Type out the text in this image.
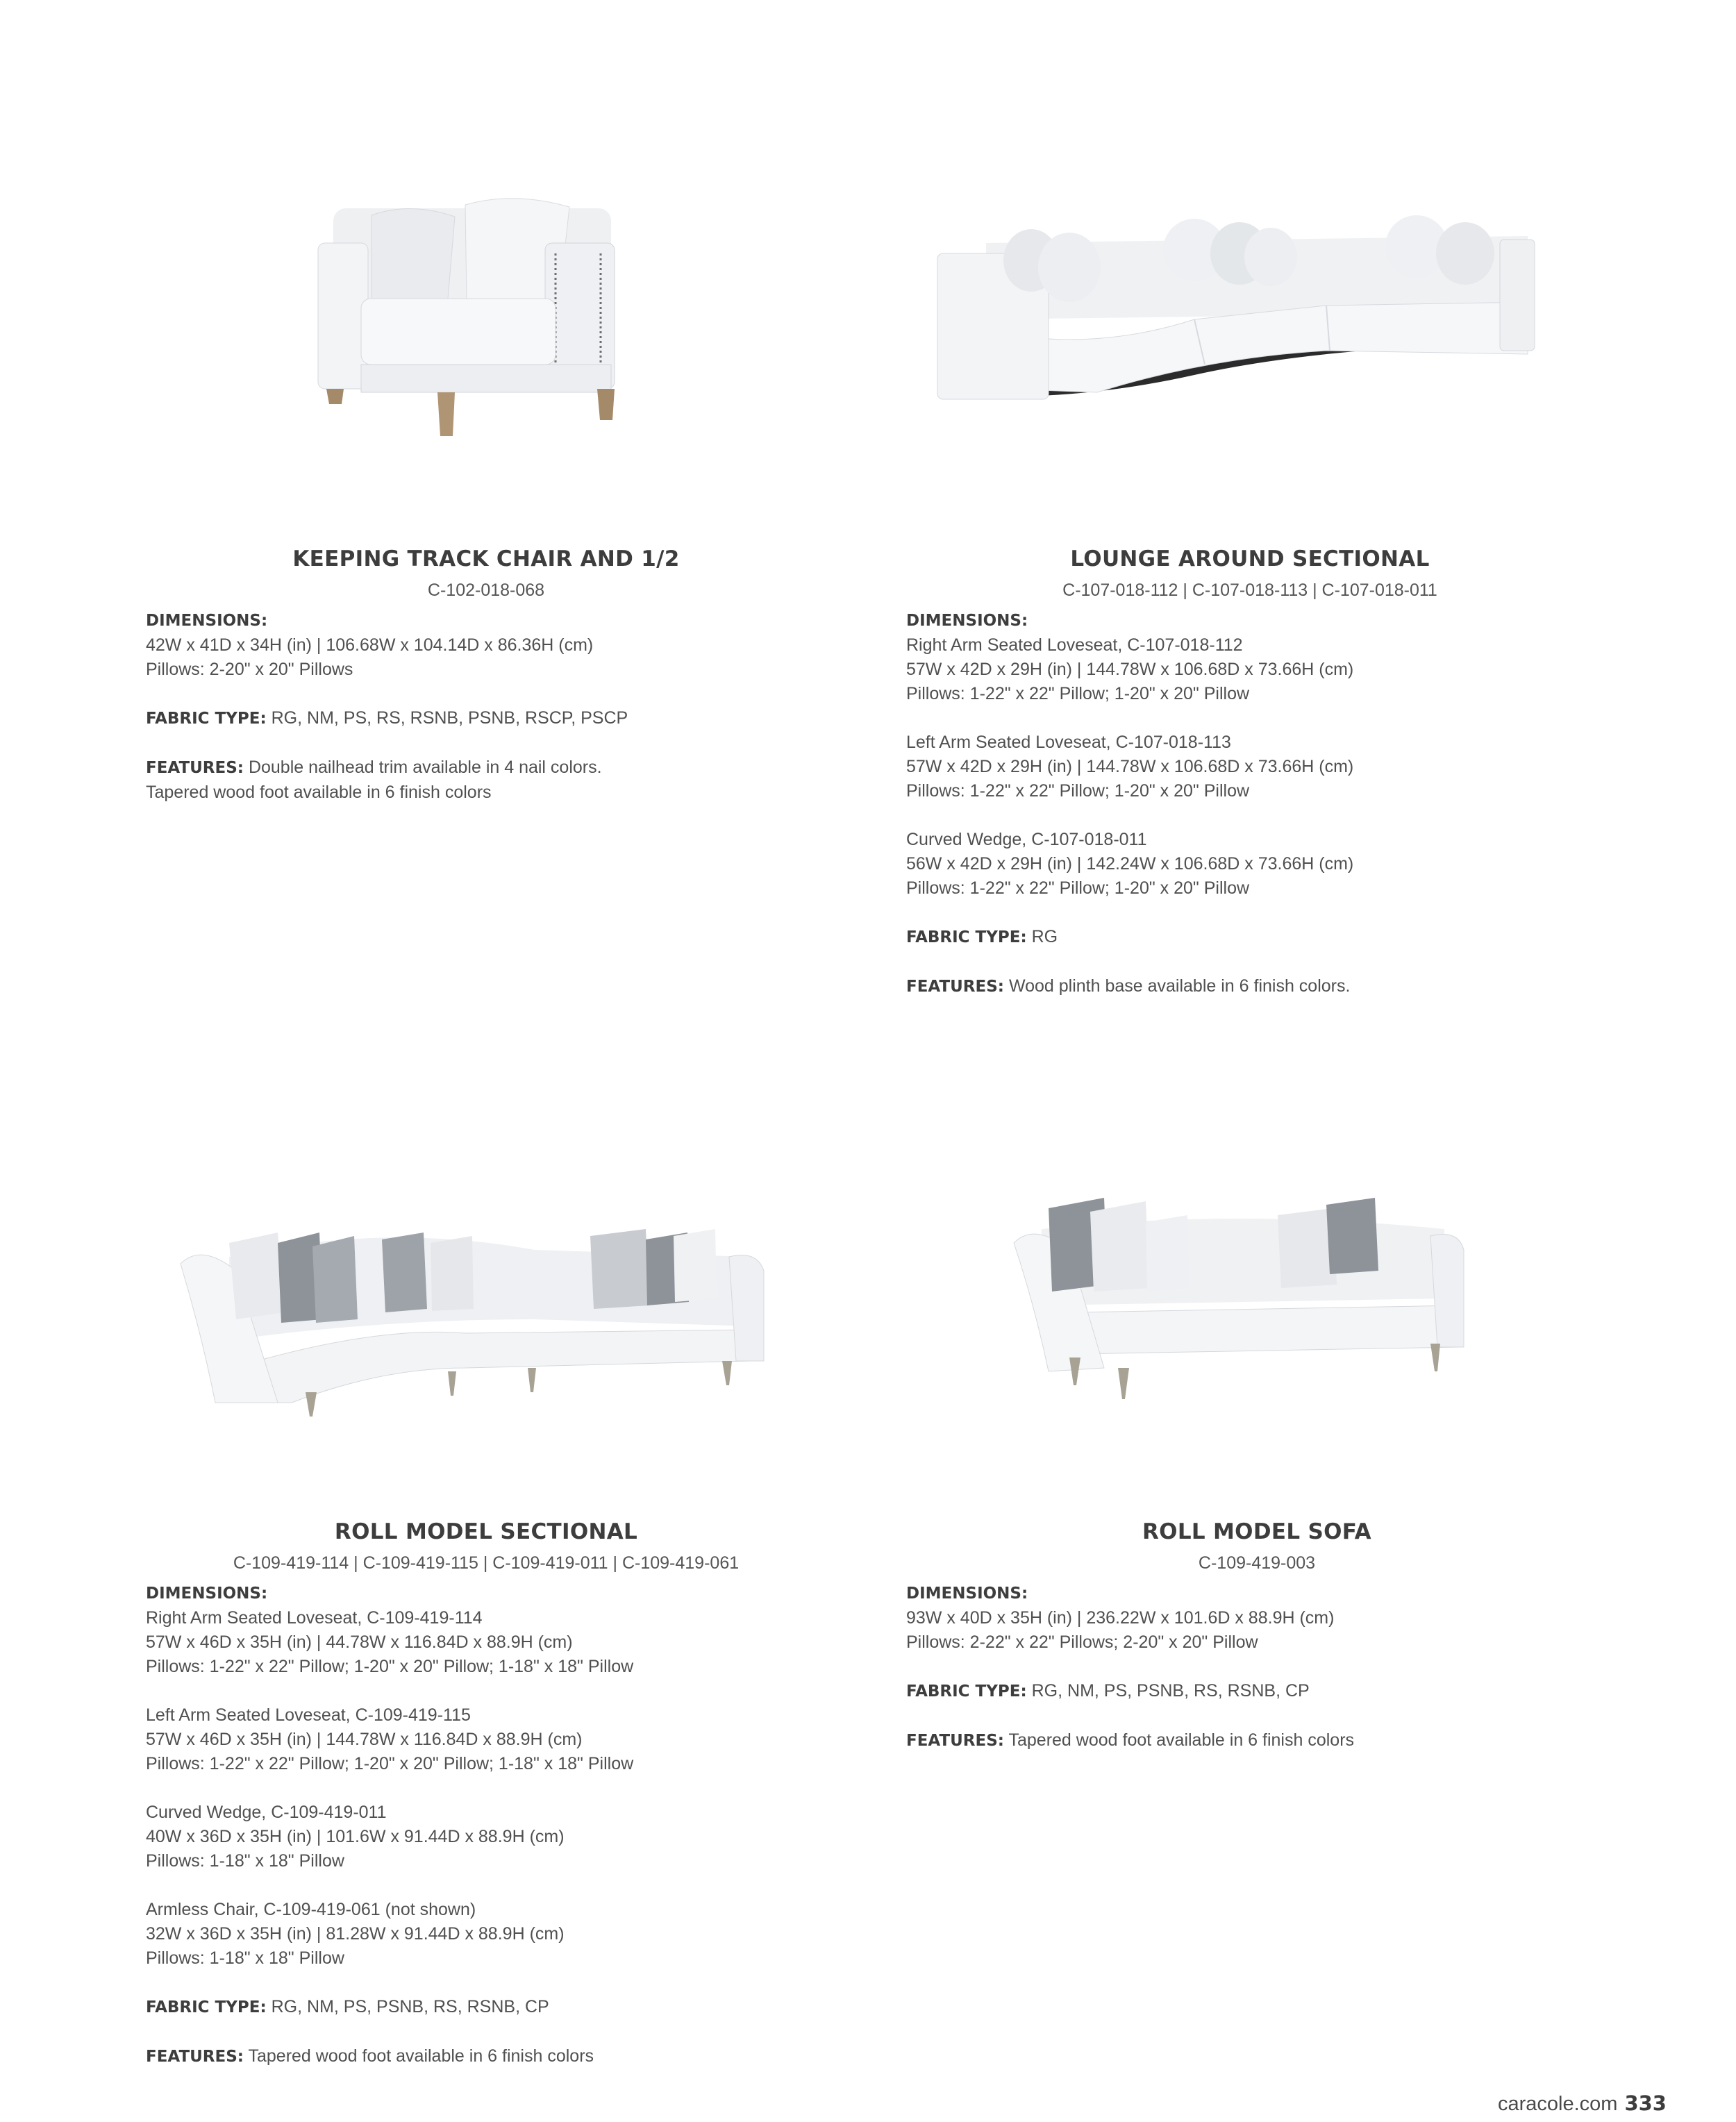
KEEPING TRACK CHAIR AND 1/2
C-102-018-068
DIMENSIONS:
42W x 41D x 34H (in) | 106.68W x 104.14D x 86.36H (cm)
Pillows: 2-20" x 20" Pillows
FABRIC TYPE: RG, NM, PS, RS, RSNB, PSNB, RSCP, PSCP
FEATURES: Double nailhead trim available in 4 nail colors.
Tapered wood foot available in 6 finish colors
LOUNGE AROUND SECTIONAL
C-107-018-112 | C-107-018-113 | C-107-018-011
DIMENSIONS:
Right Arm Seated Loveseat, C-107-018-112
57W x 42D x 29H (in) | 144.78W x 106.68D x 73.66H (cm)
Pillows: 1-22" x 22" Pillow; 1-20" x 20" Pillow
Left Arm Seated Loveseat, C-107-018-113
57W x 42D x 29H (in) | 144.78W x 106.68D x 73.66H (cm)
Pillows: 1-22" x 22" Pillow; 1-20" x 20" Pillow
Curved Wedge, C-107-018-011
56W x 42D x 29H (in) | 142.24W x 106.68D x 73.66H (cm)
Pillows: 1-22" x 22" Pillow; 1-20" x 20" Pillow
FABRIC TYPE: RG
FEATURES: Wood plinth base available in 6 finish colors.
ROLL MODEL SECTIONAL
C-109-419-114 | C-109-419-115 | C-109-419-011 | C-109-419-061
DIMENSIONS:
Right Arm Seated Loveseat, C-109-419-114
57W x 46D x 35H (in) | 44.78W x 116.84D x 88.9H (cm)
Pillows: 1-22" x 22" Pillow; 1-20" x 20" Pillow; 1-18" x 18" Pillow
Left Arm Seated Loveseat, C-109-419-115
57W x 46D x 35H (in) | 144.78W x 116.84D x 88.9H (cm)
Pillows: 1-22" x 22" Pillow; 1-20" x 20" Pillow; 1-18" x 18" Pillow
Curved Wedge, C-109-419-011
40W x 36D x 35H (in) | 101.6W x 91.44D x 88.9H (cm)
Pillows: 1-18" x 18" Pillow
Armless Chair, C-109-419-061 (not shown)
32W x 36D x 35H (in) | 81.28W x 91.44D x 88.9H (cm)
Pillows: 1-18" x 18" Pillow
FABRIC TYPE: RG, NM, PS, PSNB, RS, RSNB, CP
FEATURES: Tapered wood foot available in 6 finish colors
ROLL MODEL SOFA
C-109-419-003
DIMENSIONS:
93W x 40D x 35H (in) | 236.22W x 101.6D x 88.9H (cm)
Pillows: 2-22" x 22" Pillows; 2-20" x 20" Pillow
FABRIC TYPE: RG, NM, PS, PSNB, RS, RSNB, CP
FEATURES: Tapered wood foot available in 6 finish colors
caracole.com 333
